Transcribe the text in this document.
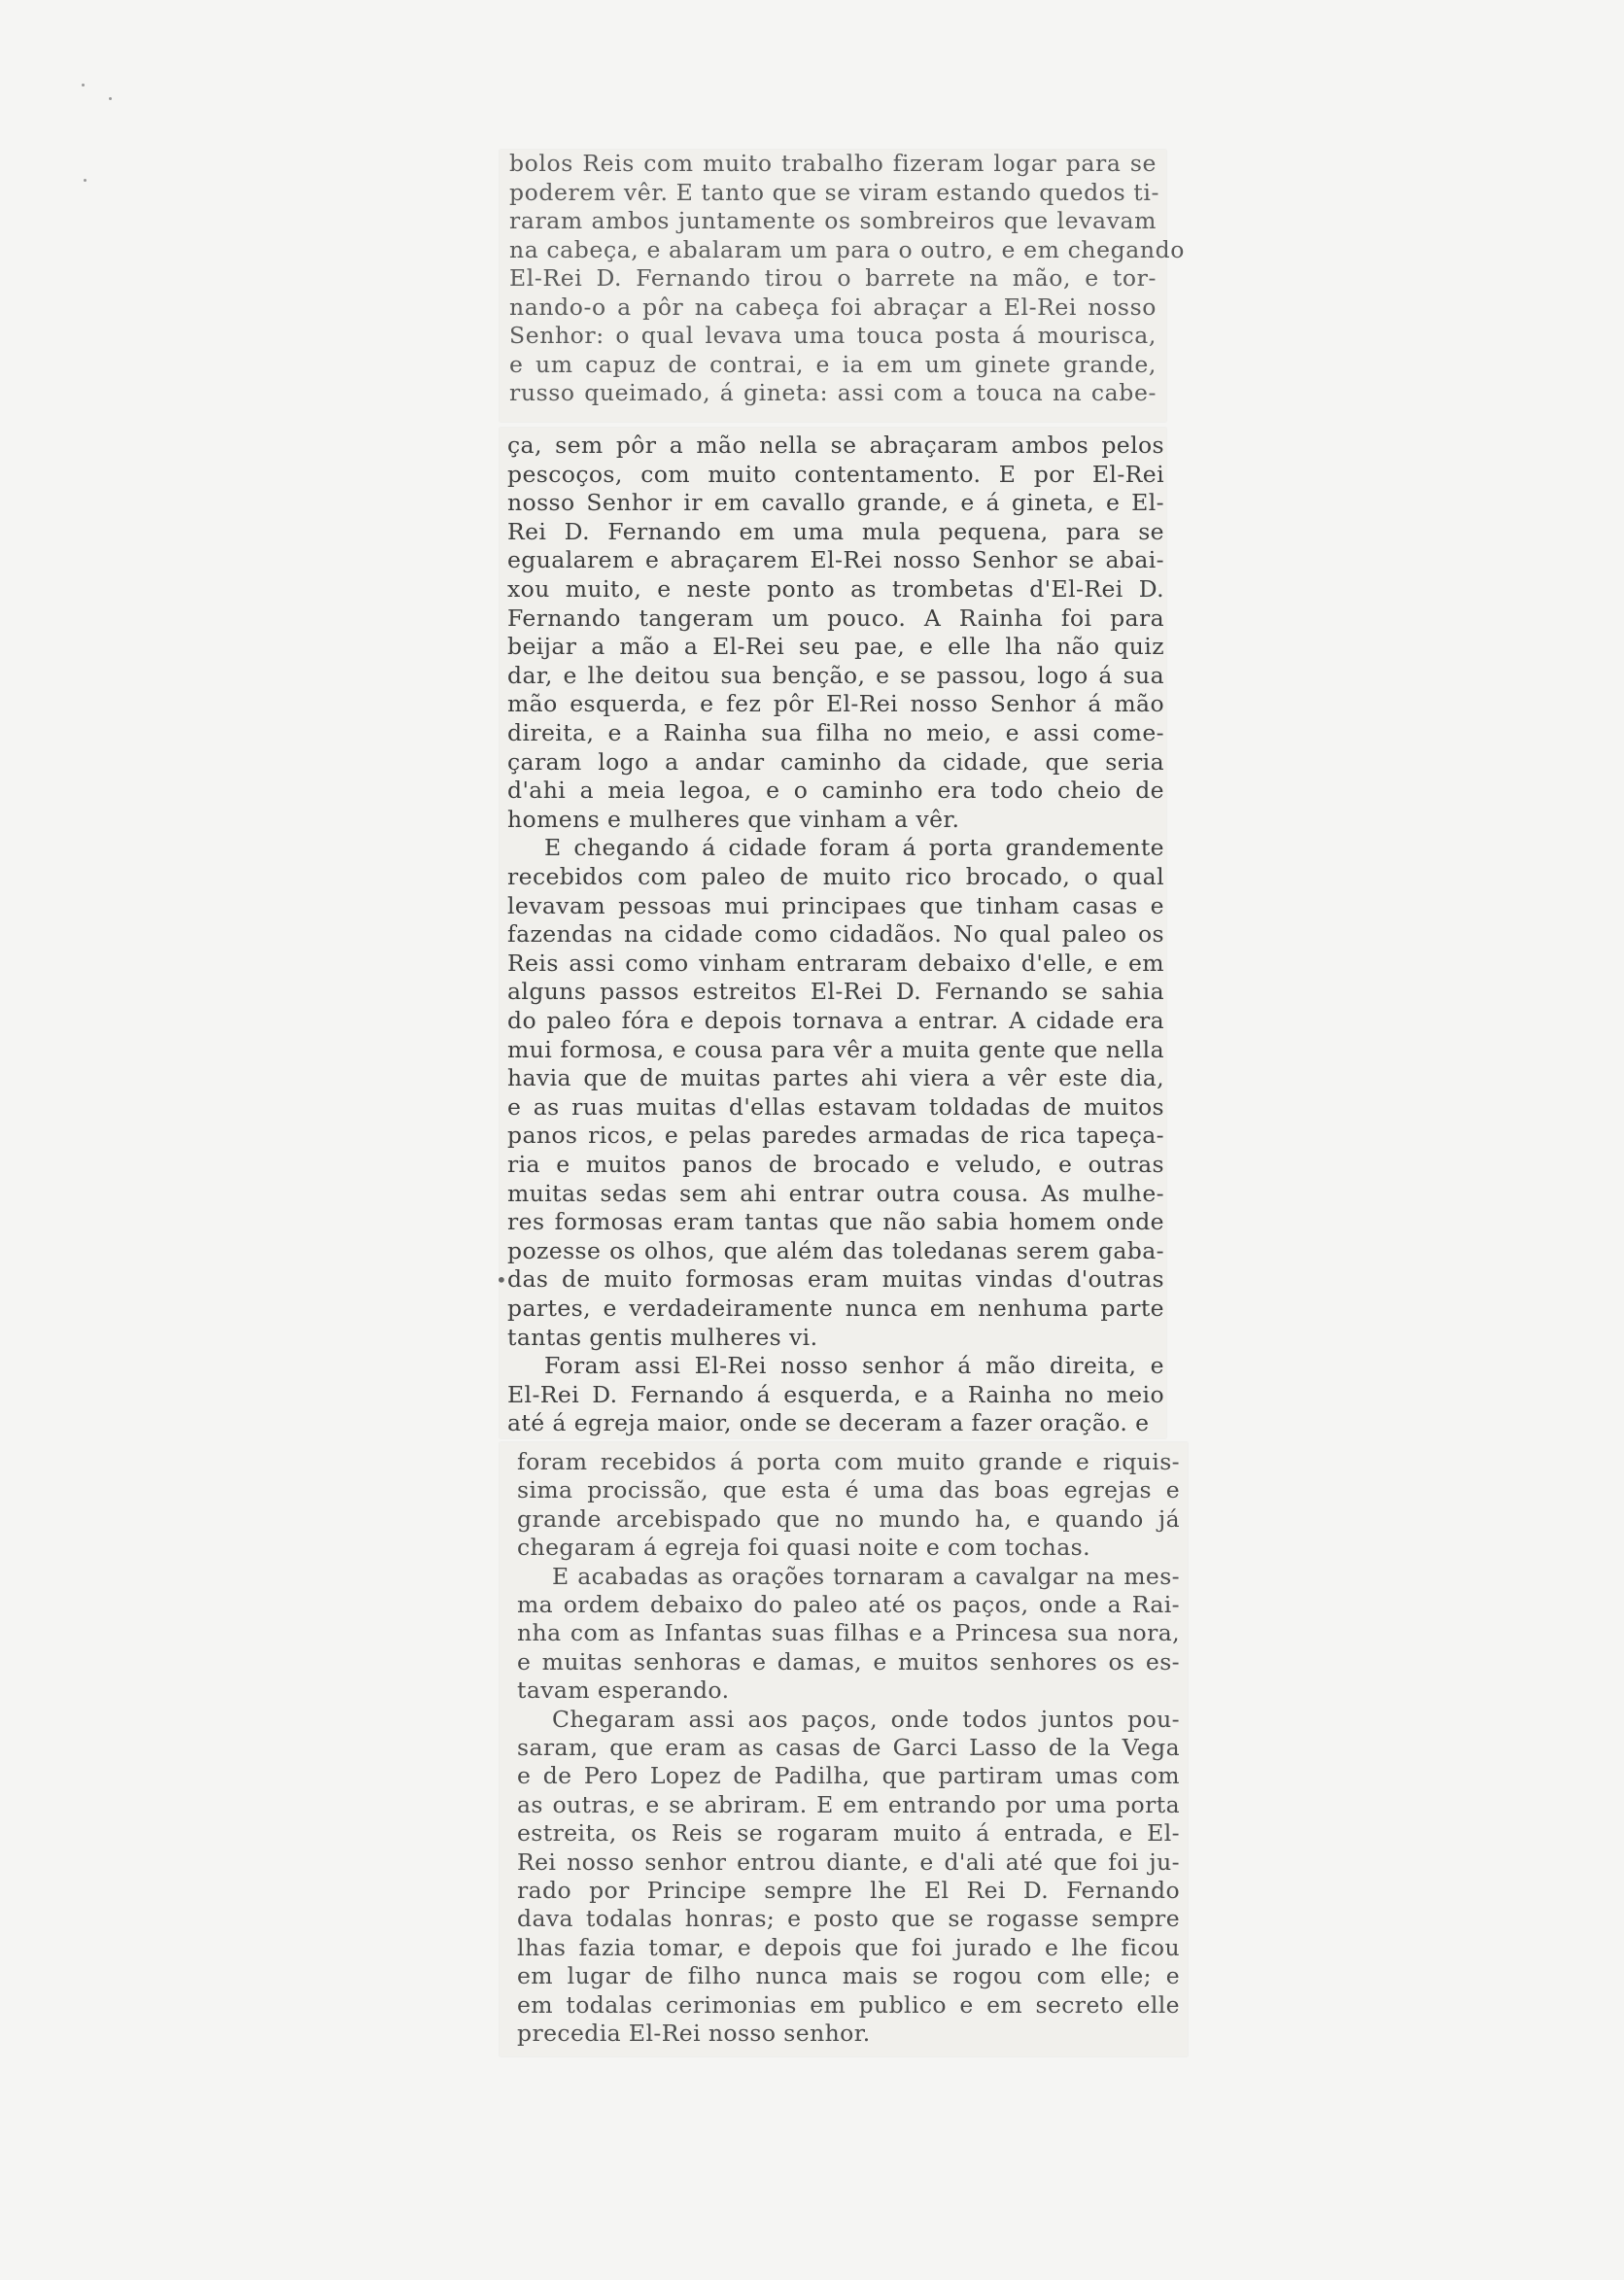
bolos Reis com muito trabalho fizeram logar para se
poderem vêr. E tanto que se viram estando quedos ti-
raram ambos juntamente os sombreiros que levavam
na cabeça, e abalaram um para o outro, e em chegando
El-Rei D. Fernando tirou o barrete na mão, e tor-
nando-o a pôr na cabeça foi abraçar a El-Rei nosso
Senhor: o qual levava uma touca posta á mourisca,
e um capuz de contrai, e ia em um ginete grande,
russo queimado, á gineta: assi com a touca na cabe-
ça, sem pôr a mão nella se abraçaram ambos pelos
pescoços, com muito contentamento. E por El-Rei
nosso Senhor ir em cavallo grande, e á gineta, e El-
Rei D. Fernando em uma mula pequena, para se
egualarem e abraçarem El-Rei nosso Senhor se abai-
xou muito, e neste ponto as trombetas d'El-Rei D.
Fernando tangeram um pouco. A Rainha foi para
beijar a mão a El-Rei seu pae, e elle lha não quiz
dar, e lhe deitou sua benção, e se passou, logo á sua
mão esquerda, e fez pôr El-Rei nosso Senhor á mão
direita, e a Rainha sua filha no meio, e assi come-
çaram logo a andar caminho da cidade, que seria
d'ahi a meia legoa, e o caminho era todo cheio de
homens e mulheres que vinham a vêr.
E chegando á cidade foram á porta grandemente
recebidos com paleo de muito rico brocado, o qual
levavam pessoas mui principaes que tinham casas e
fazendas na cidade como cidadãos. No qual paleo os
Reis assi como vinham entraram debaixo d'elle, e em
alguns passos estreitos El-Rei D. Fernando se sahia
do paleo fóra e depois tornava a entrar. A cidade era
mui formosa, e cousa para vêr a muita gente que nella
havia que de muitas partes ahi viera a vêr este dia,
e as ruas muitas d'ellas estavam toldadas de muitos
panos ricos, e pelas paredes armadas de rica tapeça-
ria e muitos panos de brocado e veludo, e outras
muitas sedas sem ahi entrar outra cousa. As mulhe-
res formosas eram tantas que não sabia homem onde
pozesse os olhos, que além das toledanas serem gaba-
das de muito formosas eram muitas vindas d'outras
partes, e verdadeiramente nunca em nenhuma parte
tantas gentis mulheres vi.
Foram assi El-Rei nosso senhor á mão direita, e
El-Rei D. Fernando á esquerda, e a Rainha no meio
até á egreja maior, onde se deceram a fazer oração. e
foram recebidos á porta com muito grande e riquis-
sima procissão, que esta é uma das boas egrejas e
grande arcebispado que no mundo ha, e quando já
chegaram á egreja foi quasi noite e com tochas.
E acabadas as orações tornaram a cavalgar na mes-
ma ordem debaixo do paleo até os paços, onde a Rai-
nha com as Infantas suas filhas e a Princesa sua nora,
e muitas senhoras e damas, e muitos senhores os es-
tavam esperando.
Chegaram assi aos paços, onde todos juntos pou-
saram, que eram as casas de Garci Lasso de la Vega
e de Pero Lopez de Padilha, que partiram umas com
as outras, e se abriram. E em entrando por uma porta
estreita, os Reis se rogaram muito á entrada, e El-
Rei nosso senhor entrou diante, e d'ali até que foi ju-
rado por Principe sempre lhe El Rei D. Fernando
dava todalas honras; e posto que se rogasse sempre
lhas fazia tomar, e depois que foi jurado e lhe ficou
em lugar de filho nunca mais se rogou com elle; e
em todalas cerimonias em publico e em secreto elle
precedia El-Rei nosso senhor.
•
